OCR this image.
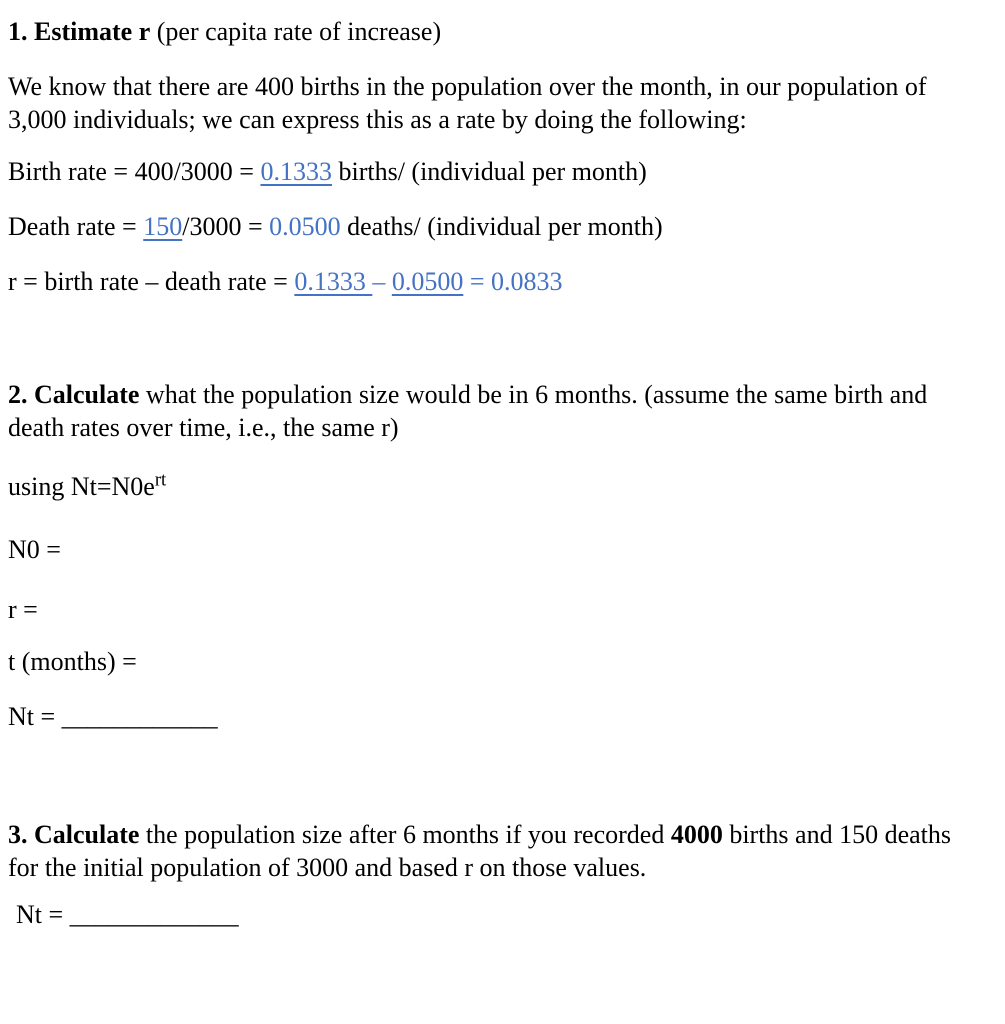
1. Estimate r (per capita rate of increase)
We know that there are 400 births in the population over the month, in our population of 3,000 individuals; we can express this as a rate by doing the following:
Birth rate = 400/3000 = 0.1333 births/ (individual per month)
Death rate = 150/3000 = 0.0500 deaths/ (individual per month)
r = birth rate – death rate = 0.1333 – 0.0500 = 0.0833
2. Calculate what the population size would be in 6 months. (assume the same birth and death rates over time, i.e., the same r)
using $Nt=N0e^{rt}$
N0 =
r =
t (months) =
Nt = ____________
3. Calculate the population size after 6 months if you recorded 4000 births and 150 deaths for the initial population of 3000 and based r on those values.
Nt = _____________
